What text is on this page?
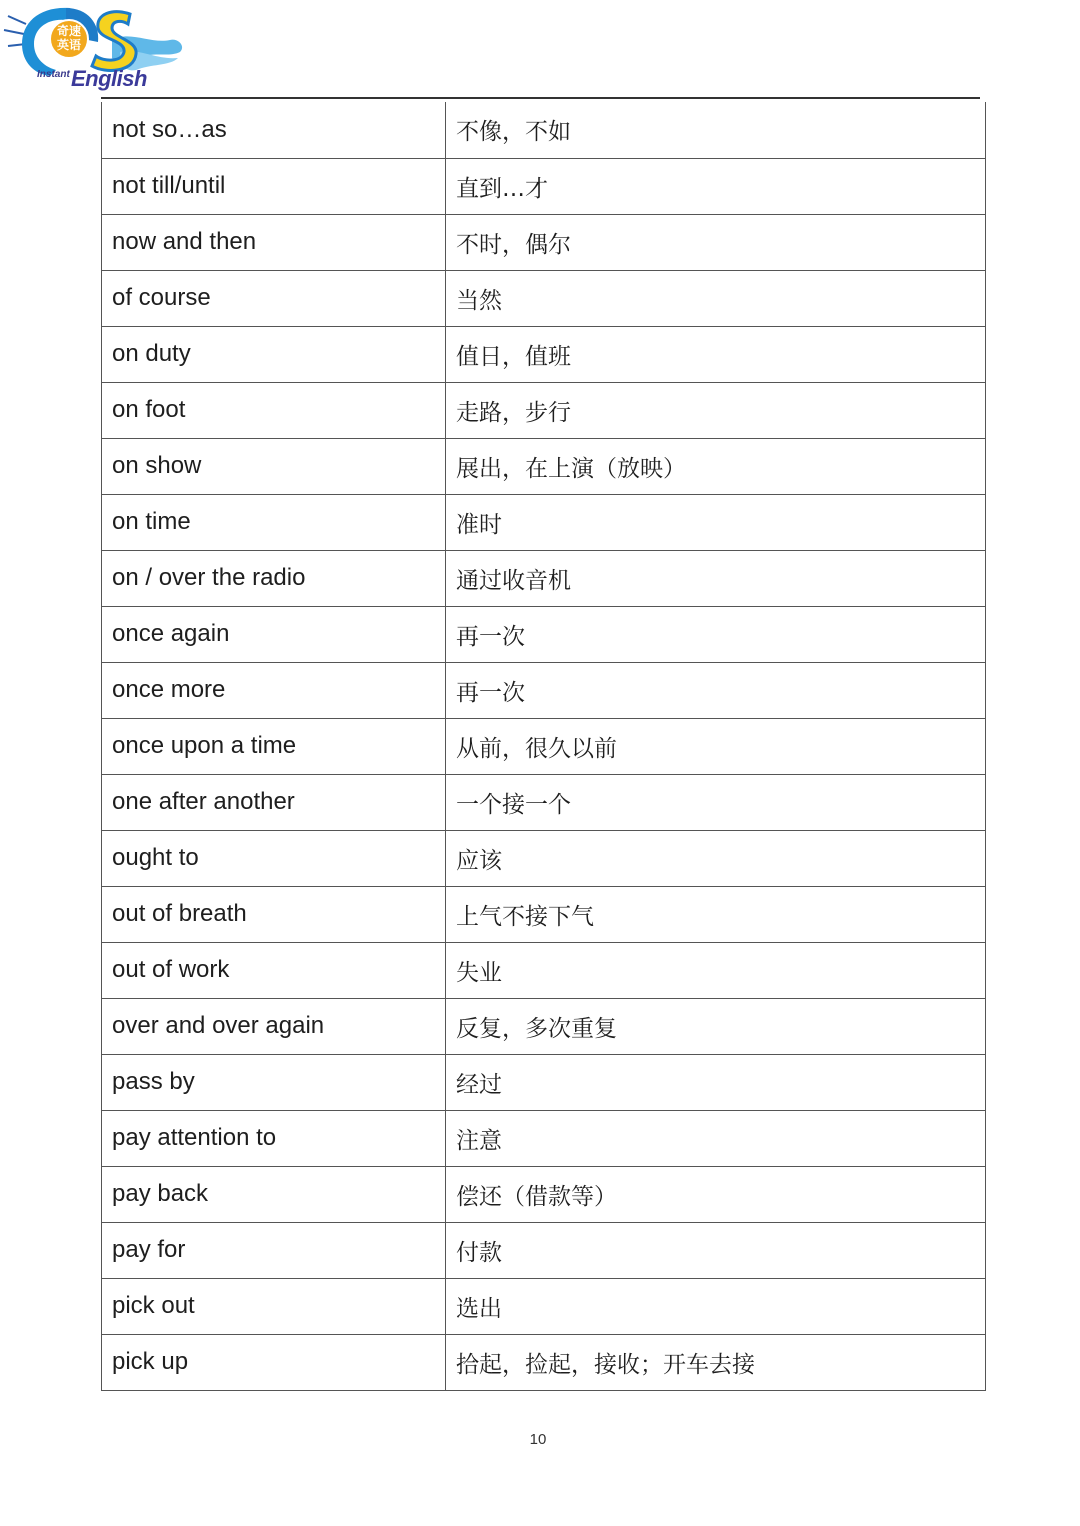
奇速英语
Instant English
not so…as	不像，不如
not till/until	直到…才
now and then	不时，偶尔
of course	当然
on duty	值日，值班
on foot	走路，步行
on show	展出，在上演（放映）
on time	准时
on / over the radio	通过收音机
once again	再一次
once more	再一次
once upon a time	从前，很久以前
one after another	一个接一个
ought to	应该
out of breath	上气不接下气
out of work	失业
over and over again	反复，多次重复
pass by	经过
pay attention to	注意
pay back	偿还（借款等）
pay for	付款
pick out	选出
pick up	拾起，捡起，接收；开车去接
10
